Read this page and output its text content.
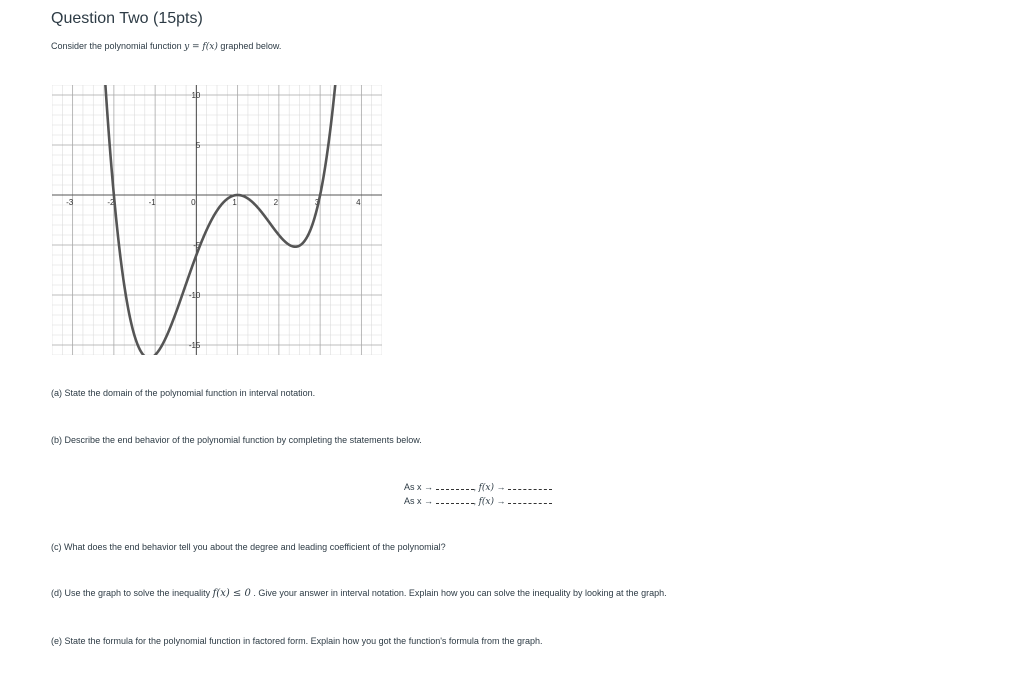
Question Two (15pts)
Consider the polynomial function y = f(x) graphed below.
-3	-2	-1	0	1	2	3	4
10
5
-5
-10
-15
(a) State the domain of the polynomial function in interval notation.
(b) Describe the end behavior of the polynomial function by completing the statements below.
As x →	, f(x) →
As x →	, f(x) →
(c) What does the end behavior tell you about the degree and leading coefficient of the polynomial?
(d) Use the graph to solve the inequality f(x) ≤ 0 . Give your answer in interval notation. Explain how you can solve the inequality by looking at the graph.
(e) State the formula for the polynomial function in factored form. Explain how you got the function's formula from the graph.
